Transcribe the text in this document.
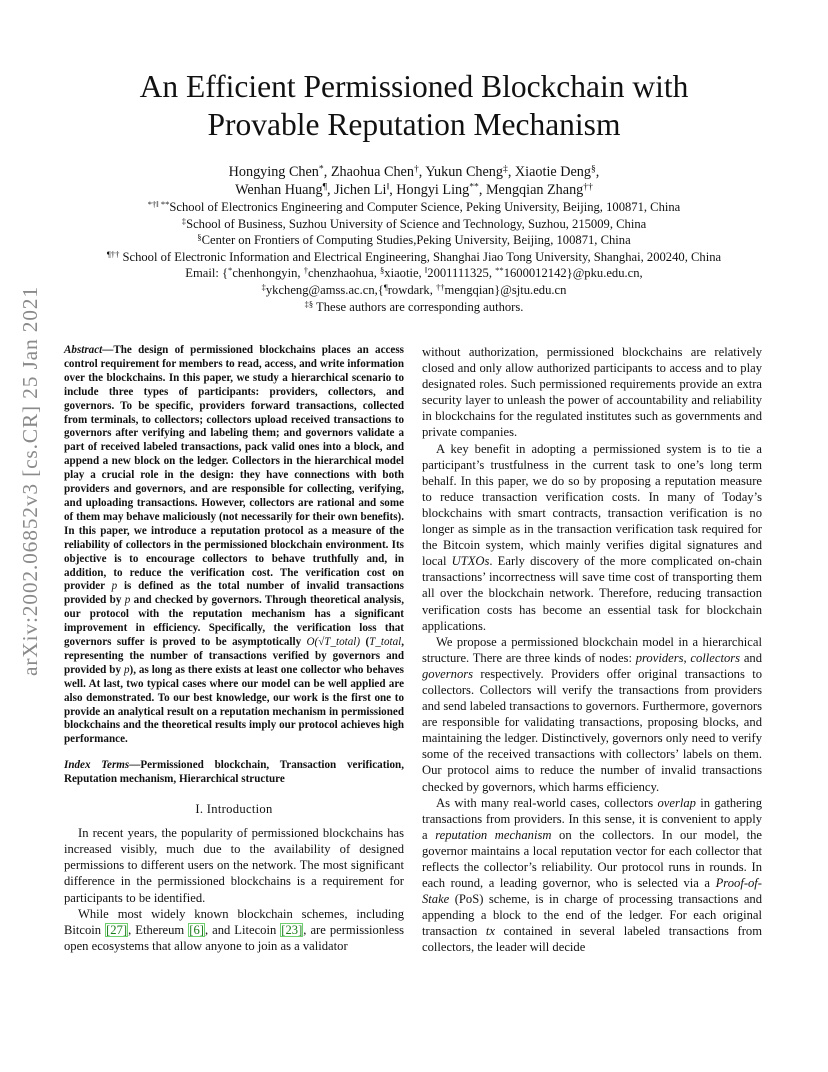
arXiv:2002.06852v3 [cs.CR] 25 Jan 2021
An Efficient Permissioned Blockchain with
Provable Reputation Mechanism
Hongying Chen*, Zhaohua Chen†, Yukun Cheng‡, Xiaotie Deng§,
Wenhan Huang¶, Jichen Li‖, Hongyi Ling**, Mengqian Zhang††
*†‖ **School of Electronics Engineering and Computer Science, Peking University, Beijing, 100871, China
‡School of Business, Suzhou University of Science and Technology, Suzhou, 215009, China
§Center on Frontiers of Computing Studies,Peking University, Beijing, 100871, China
¶†† School of Electronic Information and Electrical Engineering, Shanghai Jiao Tong University, Shanghai, 200240, China
Email: {*chenhongyin, †chenzhaohua, §xiaotie, ‖2001111325, **1600012142}@pku.edu.cn,
‡ykcheng@amss.ac.cn,{¶rowdark, ††mengqian}@sjtu.edu.cn
‡§ These authors are corresponding authors.

Abstract—The design of permissioned blockchains places an access control requirement for members to read, access, and write information over the blockchains. In this paper, we study a hierarchical scenario to include three types of participants: providers, collectors, and governors. To be specific, providers forward transactions, collected from terminals, to collectors; collectors upload received transactions to governors after verifying and labeling them; and governors validate a part of received labeled transactions, pack valid ones into a block, and append a new block on the ledger. Collectors in the hierarchical model play a crucial role in the design: they have connections with both providers and governors, and are responsible for collecting, verifying, and uploading transactions. However, collectors are rational and some of them may behave maliciously (not necessarily for their own benefits). In this paper, we introduce a reputation protocol as a measure of the reliability of collectors in the permissioned blockchain environment. Its objective is to encourage collectors to behave truthfully and, in addition, to reduce the verification cost. The verification cost on provider p is defined as the total number of invalid transactions provided by p and checked by governors. Through theoretical analysis, our protocol with the reputation mechanism has a significant improvement in efficiency. Specifically, the verification loss that governors suffer is proved to be asymptotically O(√T_total) (T_total, representing the number of transactions verified by governors and provided by p), as long as there exists at least one collector who behaves well. At last, two typical cases where our model can be well applied are also demonstrated. To our best knowledge, our work is the first one to provide an analytical result on a reputation mechanism in permissioned blockchains and the theoretical results imply our protocol achieves high performance.

Index Terms—Permissioned blockchain, Transaction verification, Reputation mechanism, Hierarchical structure

I. Introduction

In recent years, the popularity of permissioned blockchains has increased visibly, much due to the availability of designed permissions to different users on the network. The most significant difference in the permissioned blockchains is a requirement for participants to be identified.

While most widely known blockchain schemes, including Bitcoin [27], Ethereum [6], and Litecoin [23], are permissionless open ecosystems that allow anyone to join as a validator

without authorization, permissioned blockchains are relatively closed and only allow authorized participants to access and to play designated roles. Such permissioned requirements provide an extra security layer to unleash the power of accountability and reliability in blockchains for the regulated institutes such as governments and private companies.

A key benefit in adopting a permissioned system is to tie a participant’s trustfulness in the current task to one’s long term behalf. In this paper, we do so by proposing a reputation measure to reduce transaction verification costs. In many of Today’s blockchains with smart contracts, transaction verification is no longer as simple as in the transaction verification task required for the Bitcoin system, which mainly verifies digital signatures and local UTXOs. Early discovery of the more complicated on-chain transactions’ incorrectness will save time cost of transporting them all over the blockchain network. Therefore, reducing transaction verification costs has become an essential task for blockchain applications.

We propose a permissioned blockchain model in a hierarchical structure. There are three kinds of nodes: providers, collectors and governors respectively. Providers offer original transactions to collectors. Collectors will verify the transactions from providers and send labeled transactions to governors. Furthermore, governors are responsible for validating transactions, proposing blocks, and maintaining the ledger. Distinctively, governors only need to verify some of the received transactions with collectors’ labels on them. Our protocol aims to reduce the number of invalid transactions checked by governors, which harms efficiency.

As with many real-world cases, collectors overlap in gathering transactions from providers. In this sense, it is convenient to apply a reputation mechanism on the collectors. In our model, the governor maintains a local reputation vector for each collector that reflects the collector’s reliability. Our protocol runs in rounds. In each round, a leading governor, who is selected via a Proof-of-Stake (PoS) scheme, is in charge of processing transactions and appending a block to the end of the ledger. For each original transaction tx contained in several labeled transactions from collectors, the leader will decide
